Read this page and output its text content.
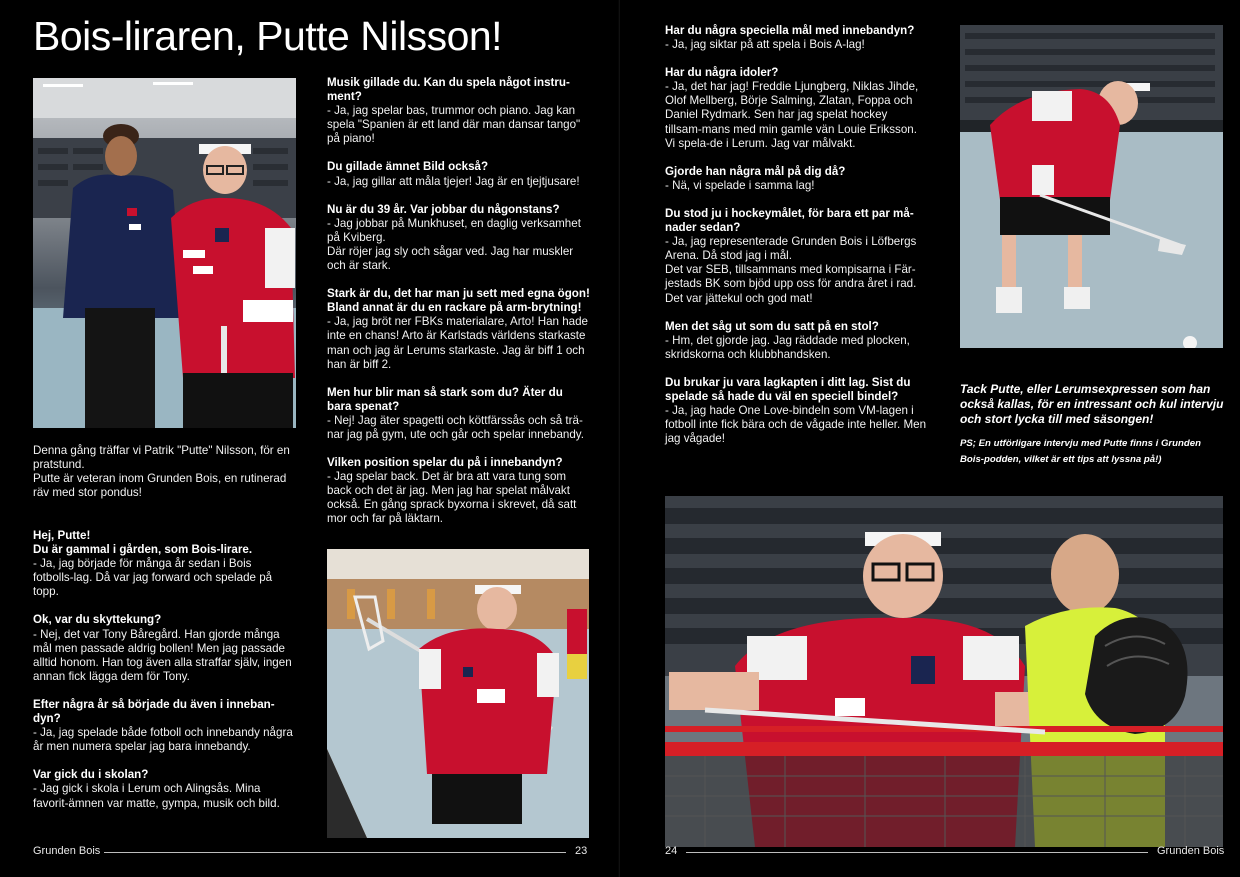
Bois-liraren, Putte Nilsson!

Denna gång träffar vi Patrik "Putte" Nilsson, för en pratstund.

Putte är veteran inom Grunden Bois, en rutinerad räv med stor pondus!

Hej, Putte!
Du är gammal i gården, som Bois-lirare.

- Ja, jag började för många år sedan i Bois fotbolls-lag. Då var jag forward och spelade på topp.

Ok, var du skyttekung?

- Nej, det var Tony Båregård. Han gjorde många mål men passade aldrig bollen! Men jag passade alltid honom. Han tog även alla straffar själv, ingen annan fick lägga dem för Tony.

Efter några år så började du även i inneban-dyn?

- Ja, jag spelade både fotboll och innebandy några år men numera spelar jag bara innebandy.

Var gick du i skolan?

- Jag gick i skola i Lerum och Alingsås. Mina favorit-ämnen var matte, gympa, musik och bild.

Musik gillade du. Kan du spela något instru-ment?

- Ja, jag spelar bas, trummor och piano. Jag kan spela "Spanien är ett land där man dansar tango" på piano!

Du gillade ämnet Bild också?

- Ja, jag gillar att måla tjejer! Jag är en tjejtjusare!

Nu är du 39 år. Var jobbar du någonstans?

- Jag jobbar på Munkhuset, en daglig verksamhet på Kviberg.
Där röjer jag sly och sågar ved. Jag har muskler och är stark.

Stark är du, det har man ju sett med egna ögon! Bland annat är du en rackare på arm-brytning!

- Ja, jag bröt ner FBKs materialare, Arto! Han hade inte en chans! Arto är Karlstads världens starkaste man och jag är Lerums starkaste. Jag är biff 1 och han är biff 2.

Men hur blir man så stark som du? Äter du bara spenat?

- Nej! Jag äter spagetti och köttfärssås och så trä-nar jag på gym, ute och går och spelar innebandy.

Vilken position spelar du på i innebandyn?

- Jag spelar back. Det är bra att vara tung som back och det är jag. Men jag har spelat målvakt också. En gång sprack byxorna i skrevet, då satt mor och far på läktarn.

Grunden Bois	23

Har du några speciella mål med innebandyn?

- Ja, jag siktar på att spela i Bois A-lag!

Har du några idoler?

- Ja, det har jag! Freddie Ljungberg, Niklas Jihde, Olof Mellberg, Börje Salming, Zlatan, Foppa och Daniel Rydmark. Sen har jag spelat hockey tillsam-mans med min gamle vän Louie Eriksson. Vi spela-de i Lerum. Jag var målvakt.

Gjorde han några mål på dig då?

- Nä, vi spelade i samma lag!

Du stod ju i hockeymålet, för bara ett par må-nader sedan?

- Ja, jag representerade Grunden Bois i Löfbergs Arena. Då stod jag i mål.
Det var SEB, tillsammans med kompisarna i Fär-jestads BK som bjöd upp oss för andra året i rad. Det var jättekul och god mat!

Men det såg ut som du satt på en stol?

- Hm, det gjorde jag. Jag räddade med plocken, skridskorna och klubbhandsken.

Du brukar ju vara lagkapten i ditt lag. Sist du spelade så hade du väl en speciell bindel?

- Ja, jag hade One Love-bindeln som VM-lagen i fotboll inte fick bära och de vågade inte heller. Men jag vågade!

Tack Putte, eller Lerumsexpressen som han också kallas, för en intressant och kul intervju och stort lycka till med säsongen!
PS; En utförligare intervju med Putte finns i Grunden Bois-podden, vilket är ett tips att lyssna på!)
24	Grunden Bois
